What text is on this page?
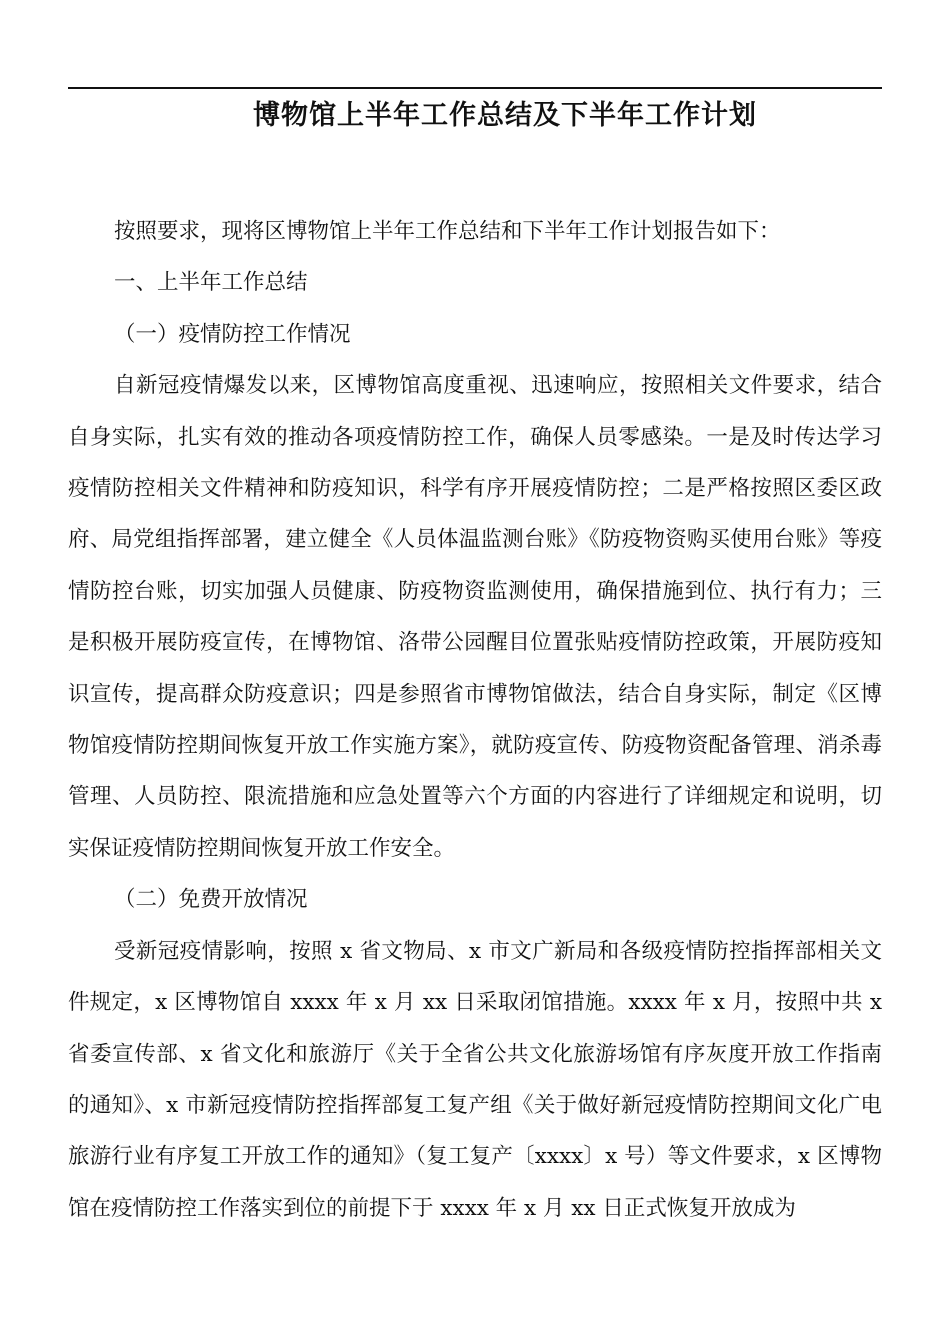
博物馆上半年工作总结及下半年工作计划

按照要求，现将区博物馆上半年工作总结和下半年工作计划报告如下：

一、上半年工作总结

（一）疫情防控工作情况

自新冠疫情爆发以来，区博物馆高度重视、迅速响应，按照相关文件要求，结合自身实际，扎实有效的推动各项疫情防控工作，确保人员零感染。一是及时传达学习疫情防控相关文件精神和防疫知识，科学有序开展疫情防控；二是严格按照区委区政府、局党组指挥部署，建立健全《人员体温监测台账》《防疫物资购买使用台账》等疫情防控台账，切实加强人员健康、防疫物资监测使用，确保措施到位、执行有力；三是积极开展防疫宣传，在博物馆、洛带公园醒目位置张贴疫情防控政策，开展防疫知识宣传，提高群众防疫意识；四是参照省市博物馆做法，结合自身实际，制定《区博物馆疫情防控期间恢复开放工作实施方案》，就防疫宣传、防疫物资配备管理、消杀毒管理、人员防控、限流措施和应急处置等六个方面的内容进行了详细规定和说明，切实保证疫情防控期间恢复开放工作安全。

（二）免费开放情况

受新冠疫情影响，按照 x 省文物局、x 市文广新局和各级疫情防控指挥部相关文件规定，x 区博物馆自 xxxx 年 x 月 xx 日采取闭馆措施。xxxx 年 x 月，按照中共 x 省委宣传部、x 省文化和旅游厅《关于全省公共文化旅游场馆有序灰度开放工作指南的通知》、x 市新冠疫情防控指挥部复工复产组《关于做好新冠疫情防控期间文化广电旅游行业有序复工开放工作的通知》（复工复产〔xxxx〕x 号）等文件要求，x 区博物馆在疫情防控工作落实到位的前提下于 xxxx 年 x 月 xx 日正式恢复开放成为
